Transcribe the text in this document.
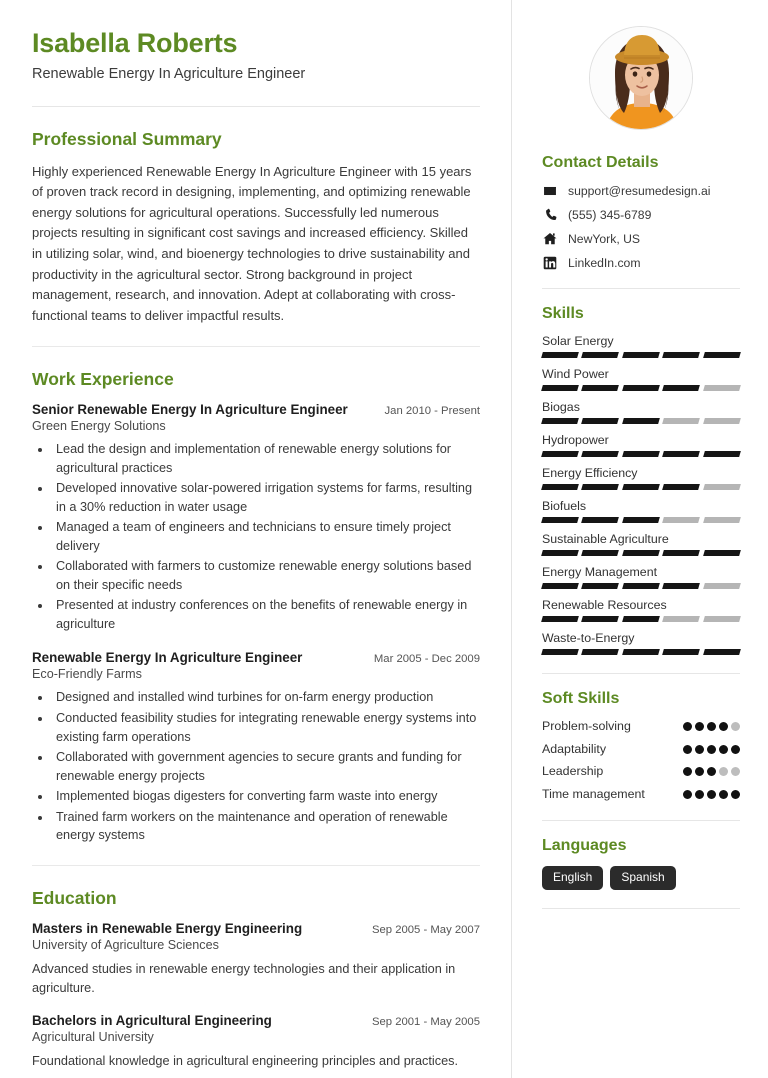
Isabella Roberts
Renewable Energy In Agriculture Engineer
Professional Summary
Highly experienced Renewable Energy In Agriculture Engineer with 15 years of proven track record in designing, implementing, and optimizing renewable energy solutions for agricultural operations. Successfully led numerous projects resulting in significant cost savings and increased efficiency. Skilled in utilizing solar, wind, and bioenergy technologies to drive sustainability and productivity in the agricultural sector. Strong background in project management, research, and innovation. Adept at collaborating with cross-functional teams to deliver impactful results.
Work Experience
Senior Renewable Energy In Agriculture Engineer	Jan 2010 - Present
Green Energy Solutions
• Lead the design and implementation of renewable energy solutions for agricultural practices
• Developed innovative solar-powered irrigation systems for farms, resulting in a 30% reduction in water usage
• Managed a team of engineers and technicians to ensure timely project delivery
• Collaborated with farmers to customize renewable energy solutions based on their specific needs
• Presented at industry conferences on the benefits of renewable energy in agriculture
Renewable Energy In Agriculture Engineer	Mar 2005 - Dec 2009
Eco-Friendly Farms
• Designed and installed wind turbines for on-farm energy production
• Conducted feasibility studies for integrating renewable energy systems into existing farm operations
• Collaborated with government agencies to secure grants and funding for renewable energy projects
• Implemented biogas digesters for converting farm waste into energy
• Trained farm workers on the maintenance and operation of renewable energy systems
Education
Masters in Renewable Energy Engineering	Sep 2005 - May 2007
University of Agriculture Sciences
Advanced studies in renewable energy technologies and their application in agriculture.
Bachelors in Agricultural Engineering	Sep 2001 - May 2005
Agricultural University
Foundational knowledge in agricultural engineering principles and practices.
Contact Details
support@resumedesign.ai
(555) 345-6789
NewYork, US
LinkedIn.com
Skills
Solar Energy
Wind Power
Biogas
Hydropower
Energy Efficiency
Biofuels
Sustainable Agriculture
Energy Management
Renewable Resources
Waste-to-Energy
Soft Skills
Problem-solving
Adaptability
Leadership
Time management
Languages
English	Spanish
